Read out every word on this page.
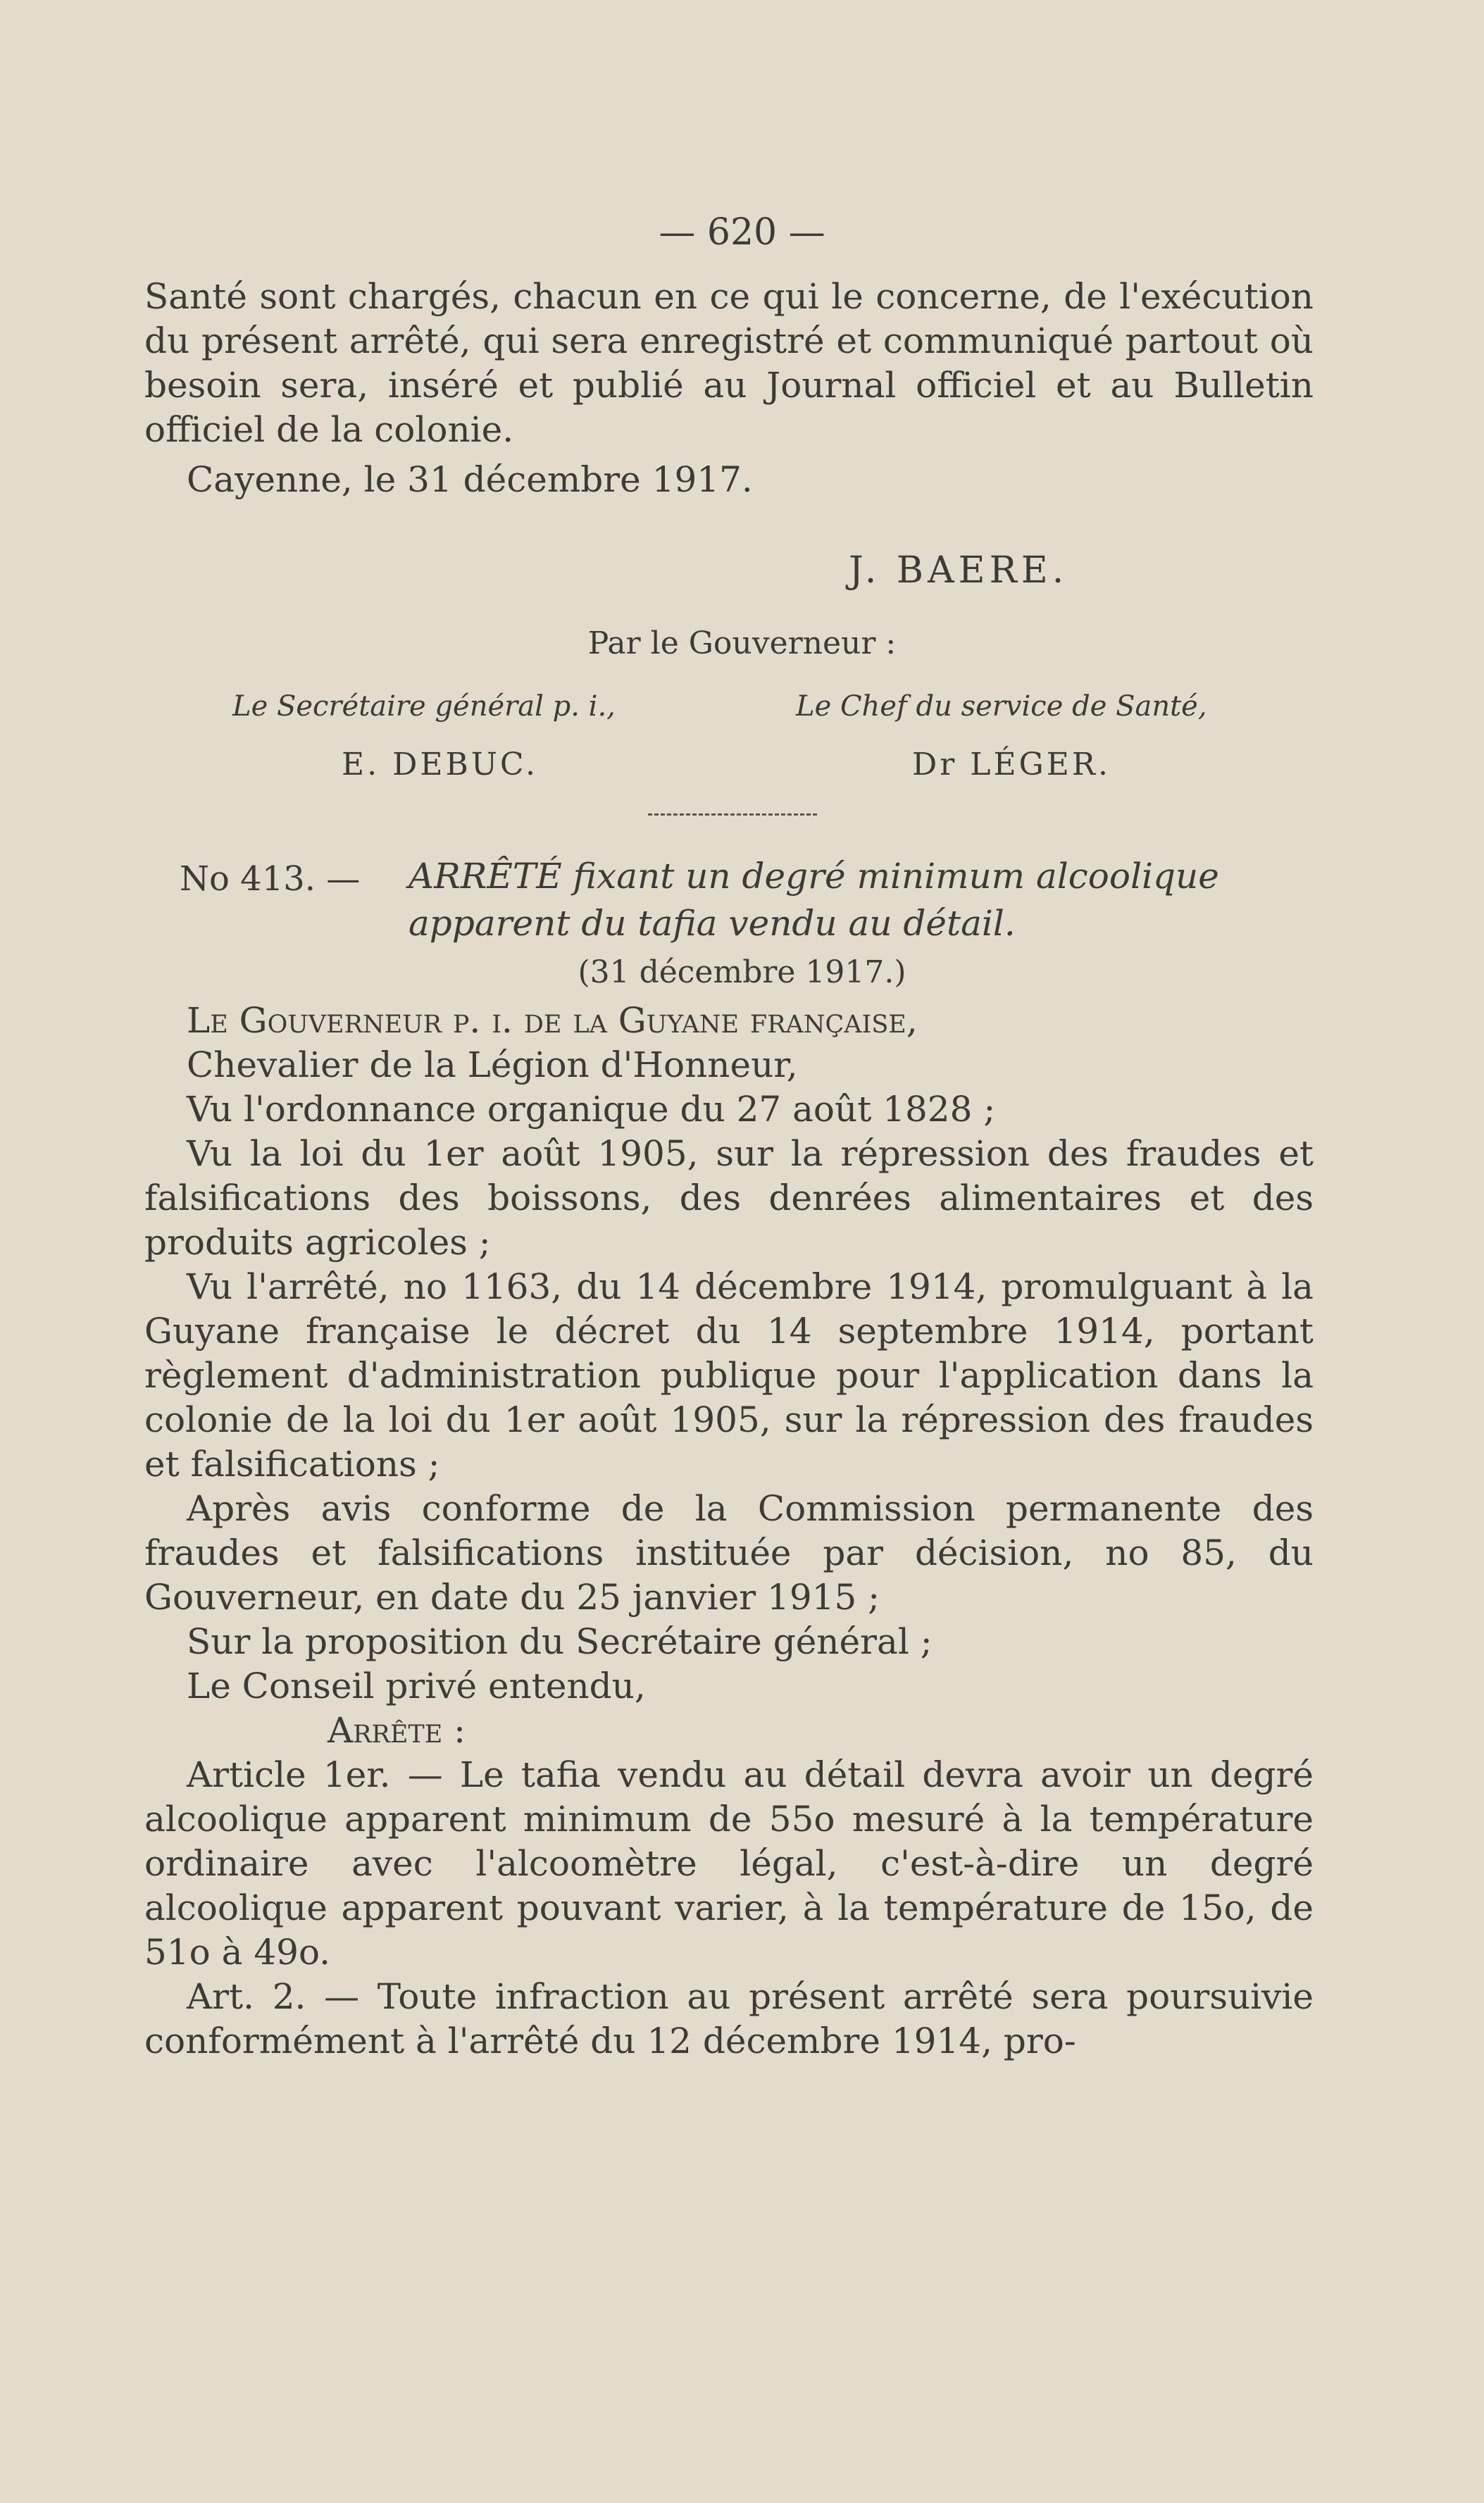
— 620 —

Santé sont chargés, chacun en ce qui le concerne, de l'exécution du présent arrêté, qui sera enregistré et communiqué partout où besoin sera, inséré et publié au Journal officiel et au Bulletin officiel de la colonie.

Cayenne, le 31 décembre 1917.

J. BAERE.
Par le Gouverneur :
Le Secrétaire général p. i.,
E. DEBUC.
Le Chef du service de Santé,
Dr LÉGER.
No 413. — ARRÊTÉ fixant un degré minimum alcoolique
apparent du tafia vendu au détail.
(31 décembre 1917.)

Le Gouverneur p. i. de la Guyane française,

Chevalier de la Légion d'Honneur,

Vu l'ordonnance organique du 27 août 1828 ;

Vu la loi du 1er août 1905, sur la répression des fraudes et falsifications des boissons, des denrées alimentaires et des produits agricoles ;

Vu l'arrêté, no 1163, du 14 décembre 1914, promulguant à la Guyane française le décret du 14 septembre 1914, portant règlement d'administration publique pour l'application dans la colonie de la loi du 1er août 1905, sur la répression des fraudes et falsifications ;

Après avis conforme de la Commission permanente des fraudes et falsifications instituée par décision, no 85, du Gouverneur, en date du 25 janvier 1915 ;

Sur la proposition du Secrétaire général ;

Le Conseil privé entendu,

Arrête :

Article 1er. — Le tafia vendu au détail devra avoir un degré alcoolique apparent minimum de 55o mesuré à la température ordinaire avec l'alcoomètre légal, c'est-à-dire un degré alcoolique apparent pouvant varier, à la température de 15o, de 51o à 49o.

Art. 2. — Toute infraction au présent arrêté sera poursuivie conformément à l'arrêté du 12 décembre 1914, pro-
